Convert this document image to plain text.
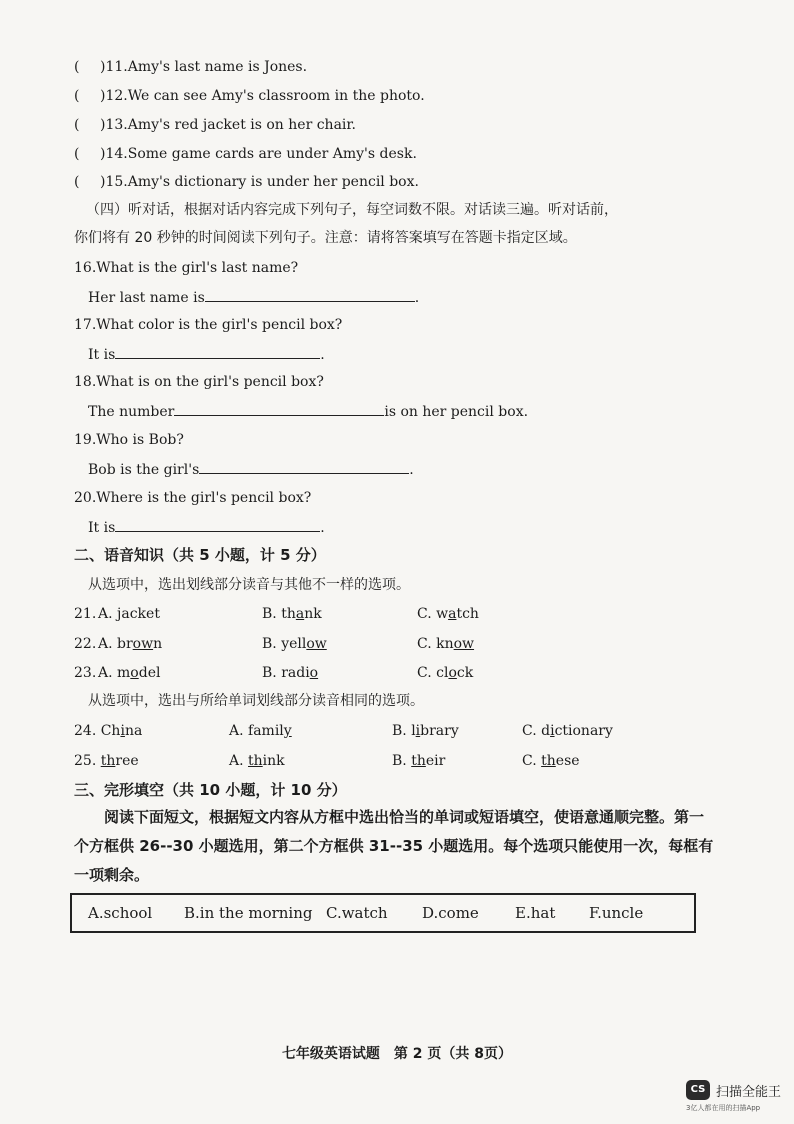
( )11.Amy's last name is Jones.
( )12.We can see Amy's classroom in the photo.
( )13.Amy's red jacket is on her chair.
( )14.Some game cards are under Amy's desk.
( )15.Amy's dictionary is under her pencil box.
（四）听对话，根据对话内容完成下列句子，每空词数不限。对话读三遍。听对话前，
你们将有 20 秒钟的时间阅读下列句子。注意：请将答案填写在答题卡指定区域。
16.What is the girl's last name?
Her last name is	.
17.What color is the girl's pencil box?
It is	.
18.What is on the girl's pencil box?
The number	is on her pencil box.
19.Who is Bob?
Bob is the girl's	.
20.Where is the girl's pencil box?
It is	.
二、语音知识（共 5 小题，计 5 分）
从选项中，选出划线部分读音与其他不一样的选项。
21. A. jacket	B. thank	C. watch
22. A. brown	B. yellow	C. know
23. A. model	B. radio	C. clock
从选项中，选出与所给单词划线部分读音相同的选项。
24. China	A. family	B. library	C. dictionary
25. three	A. think	B. their	C. these
三、完形填空（共 10 小题，计 10 分）
阅读下面短文，根据短文内容从方框中选出恰当的单词或短语填空，使语意通顺完整。第一个方框供 26--30 小题选用，第二个方框供 31--35 小题选用。每个选项只能使用一次，每框有一项剩余。
A.school B.in the morning C.watch D.come E.hat F.uncle
七年级英语试题　第 2 页（共 8页）
CS 扫描全能王
3亿人都在用的扫描App
